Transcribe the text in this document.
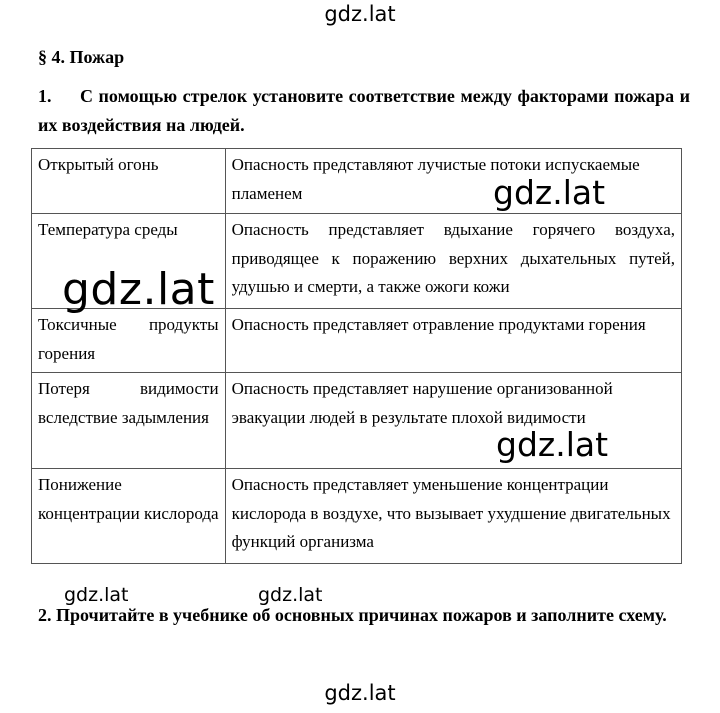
gdz.lat
§ 4. Пожар
1. С помощью стрелок установите соответствие между факторами пожара и их воздействия на людей.
Открытый огонь	Опасность представляют лучистые потоки испускаемые пламенем
Температура среды	Опасность представляет вдыхание горячего воздуха, приводящее к поражению верхних дыхательных путей, удушью и смерти, а также ожоги кожи
Токсичные продукты горения	Опасность представляет отравление продуктами горения
Потеря видимости вследствие задымления	Опасность представляет нарушение организованной эвакуации людей в результате плохой видимости
Понижение концентрации кислорода	Опасность представляет уменьшение концентрации кислорода в воздухе, что вызывает ухудшение двигательных функций организма
gdz.lat
gdz.lat
gdz.lat
gdz.lat	gdz.lat
2. Прочитайте в учебнике об основных причинах пожаров и заполните схему.
gdz.lat
